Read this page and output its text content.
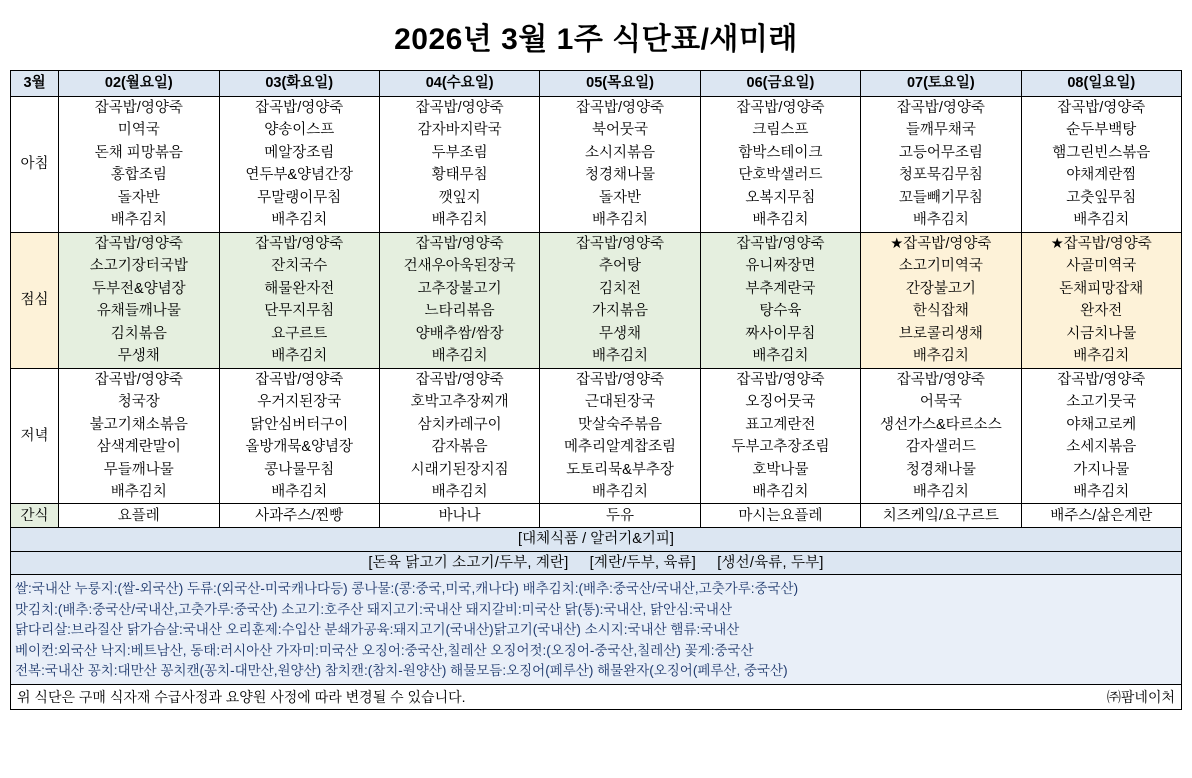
2026년 3월 1주 식단표/새미래
3월	02(월요일)	03(화요일)	04(수요일)	05(목요일)	06(금요일)	07(토요일)	08(일요일)
아침	
잡곡밥/영양죽
미역국
돈채 피망볶음
홍합조림
돌자반
배추김치

잡곡밥/영양죽
양송이스프
메알장조림
연두부&양념간장
무말랭이무침
배추김치

잡곡밥/영양죽
감자바지락국
두부조림
황태무침
깻잎지
배추김치

잡곡밥/영양죽
북어뭇국
소시지볶음
청경채나물
돌자반
배추김치

잡곡밥/영양죽
크림스프
함박스테이크
단호박샐러드
오복지무침
배추김치

잡곡밥/영양죽
들깨무채국
고등어무조림
청포묵김무침
꼬들빼기무침
배추김치

잡곡밥/영양죽
순두부백탕
햄그린빈스볶음
야채계란찜
고춧잎무침
배추김치

점심	
잡곡밥/영양죽
소고기장터국밥
두부전&양념장
유채들깨나물
김치볶음
무생채

잡곡밥/영양죽
잔치국수
해물완자전
단무지무침
요구르트
배추김치

잡곡밥/영양죽
건새우아욱된장국
고추장불고기
느타리볶음
양배추쌈/쌈장
배추김치

잡곡밥/영양죽
추어탕
김치전
가지볶음
무생채
배추김치

잡곡밥/영양죽
유니짜장면
부추계란국
탕수육
짜사이무침
배추김치

★잡곡밥/영양죽
소고기미역국
간장불고기
한식잡채
브로콜리생채
배추김치

★잡곡밥/영양죽
사골미역국
돈채피망잡채
완자전
시금치나물
배추김치

저녁	
잡곡밥/영양죽
청국장
불고기채소볶음
삼색계란말이
무들깨나물
배추김치

잡곡밥/영양죽
우거지된장국
닭안심버터구이
올방개묵&양념장
콩나물무침
배추김치

잡곡밥/영양죽
호박고추장찌개
삼치카레구이
감자볶음
시래기된장지짐
배추김치

잡곡밥/영양죽
근대된장국
맛살숙주볶음
메추리알계찹조림
도토리묵&부추장
배추김치

잡곡밥/영양죽
오징어뭇국
표고계란전
두부고추장조림
호박나물
배추김치

잡곡밥/영양죽
어묵국
생선가스&타르소스
감자샐러드
청경채나물
배추김치

잡곡밥/영양죽
소고기뭇국
야채고로케
소세지볶음
가지나물
배추김치

간식	요플레	사과주스/찐빵	바나나	두유	마시는요플레	치즈케잌/요구르트	배주스/삶은계란
[대체식품 / 알러기&기피]							
[돈육 닭고기 소고기/두부, 계란] [계란/두부, 육류] [생선/육류, 두부]							
쌀:국내산 누룽지:(쌀-외국산) 두류:(외국산-미국캐나다등) 콩나물:(콩:중국,미국,캐나다) 배추김치:(배추:중국산/국내산,고춧가루:중국산)
맛김치:(배추:중국산/국내산,고춧가루:중국산) 소고기:호주산 돼지고기:국내산 돼지갈비:미국산 닭(통):국내산, 닭안심:국내산
닭다리살:브라질산 닭가슴살:국내산 오리훈제:수입산 분쇄가공육:돼지고기(국내산)닭고기(국내산) 소시지:국내산 햄류:국내산
베이컨:외국산 낙지:베트남산, 동태:러시아산 가자미:미국산 오징어:중국산,칠레산 오징어젓:(오징어-중국산,칠레산) 꽃게:중국산
전복:국내산 꽁치:대만산 꽁치캔(꽁치-대만산,원양산) 참치캔:(참치-원양산) 해물모듬:오징어(페루산) 해물완자(오징어(페루산, 중국산)
위 식단은 구매 식자재 수급사정과 요양원 사정에 따라 변경될 수 있습니다.	㈜팜네이처
